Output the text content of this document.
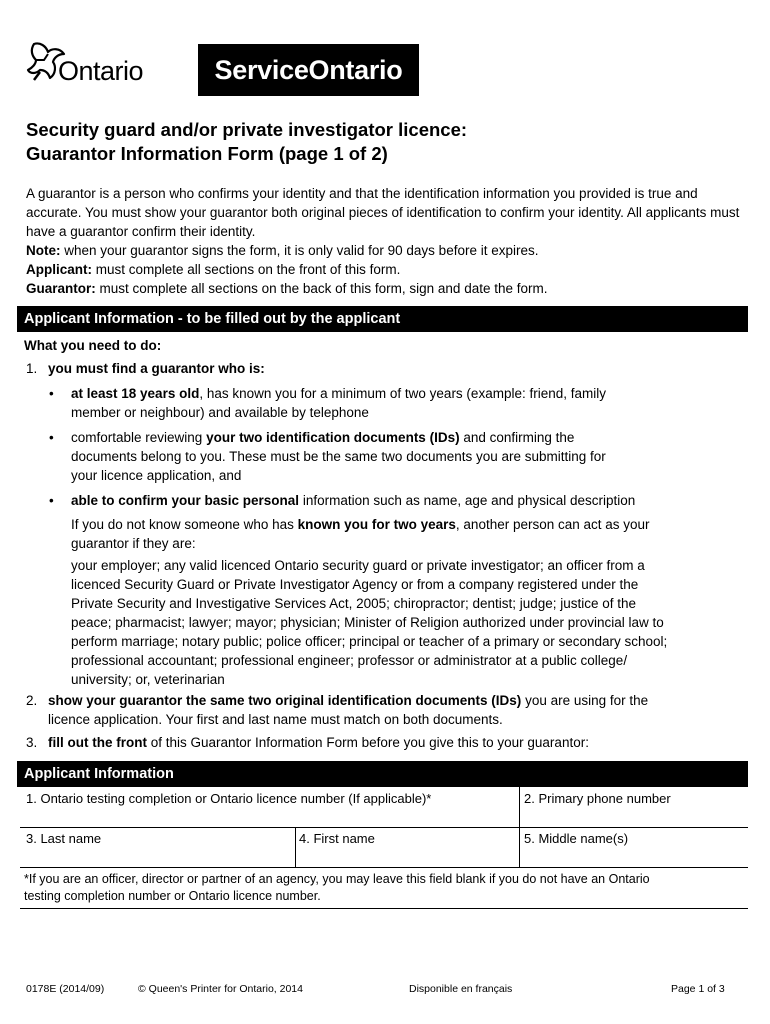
Ontario	ServiceOntario
Security guard and/or private investigator licence:
Guarantor Information Form (page 1 of 2)

A guarantor is a person who confirms your identity and that the identification information you provided is true and accurate. You must show your guarantor both original pieces of identification to confirm your identity. All applicants must have a guarantor confirm their identity.

Note: when your guarantor signs the form, it is only valid for 90 days before it expires.

Applicant: must complete all sections on the front of this form.

Guarantor: must complete all sections on the back of this form, sign and date the form.

Applicant Information - to be filled out by the applicant
What you need to do:
1. you must find a guarantor who is:
• at least 18 years old, has known you for a minimum of two years (example: friend, family
member or neighbour) and available by telephone
• comfortable reviewing your two identification documents (IDs) and confirming the
documents belong to you. These must be the same two documents you are submitting for
your licence application, and
• able to confirm your basic personal information such as name, age and physical description
If you do not know someone who has known you for two years, another person can act as your
guarantor if they are:
your employer; any valid licenced Ontario security guard or private investigator; an officer from a
licenced Security Guard or Private Investigator Agency or from a company registered under the
Private Security and Investigative Services Act, 2005; chiropractor; dentist; judge; justice of the
peace; pharmacist; lawyer; mayor; physician; Minister of Religion authorized under provincial law to
perform marriage; notary public; police officer; principal or teacher of a primary or secondary school;
professional accountant; professional engineer; professor or administrator at a public college/
university; or, veterinarian
2. show your guarantor the same two original identification documents (IDs) you are using for the
licence application. Your first and last name must match on both documents.
3. fill out the front of this Guarantor Information Form before you give this to your guarantor:
Applicant Information
1. Ontario testing completion or Ontario licence number (If applicable)*	2. Primary phone number
3. Last name	4. First name	5. Middle name(s)
*If you are an officer, director or partner of an agency, you may leave this field blank if you do not have an Ontario
testing completion number or Ontario licence number.
0178E (2014/09)	© Queen's Printer for Ontario, 2014	Disponible en français	Page 1 of 3
